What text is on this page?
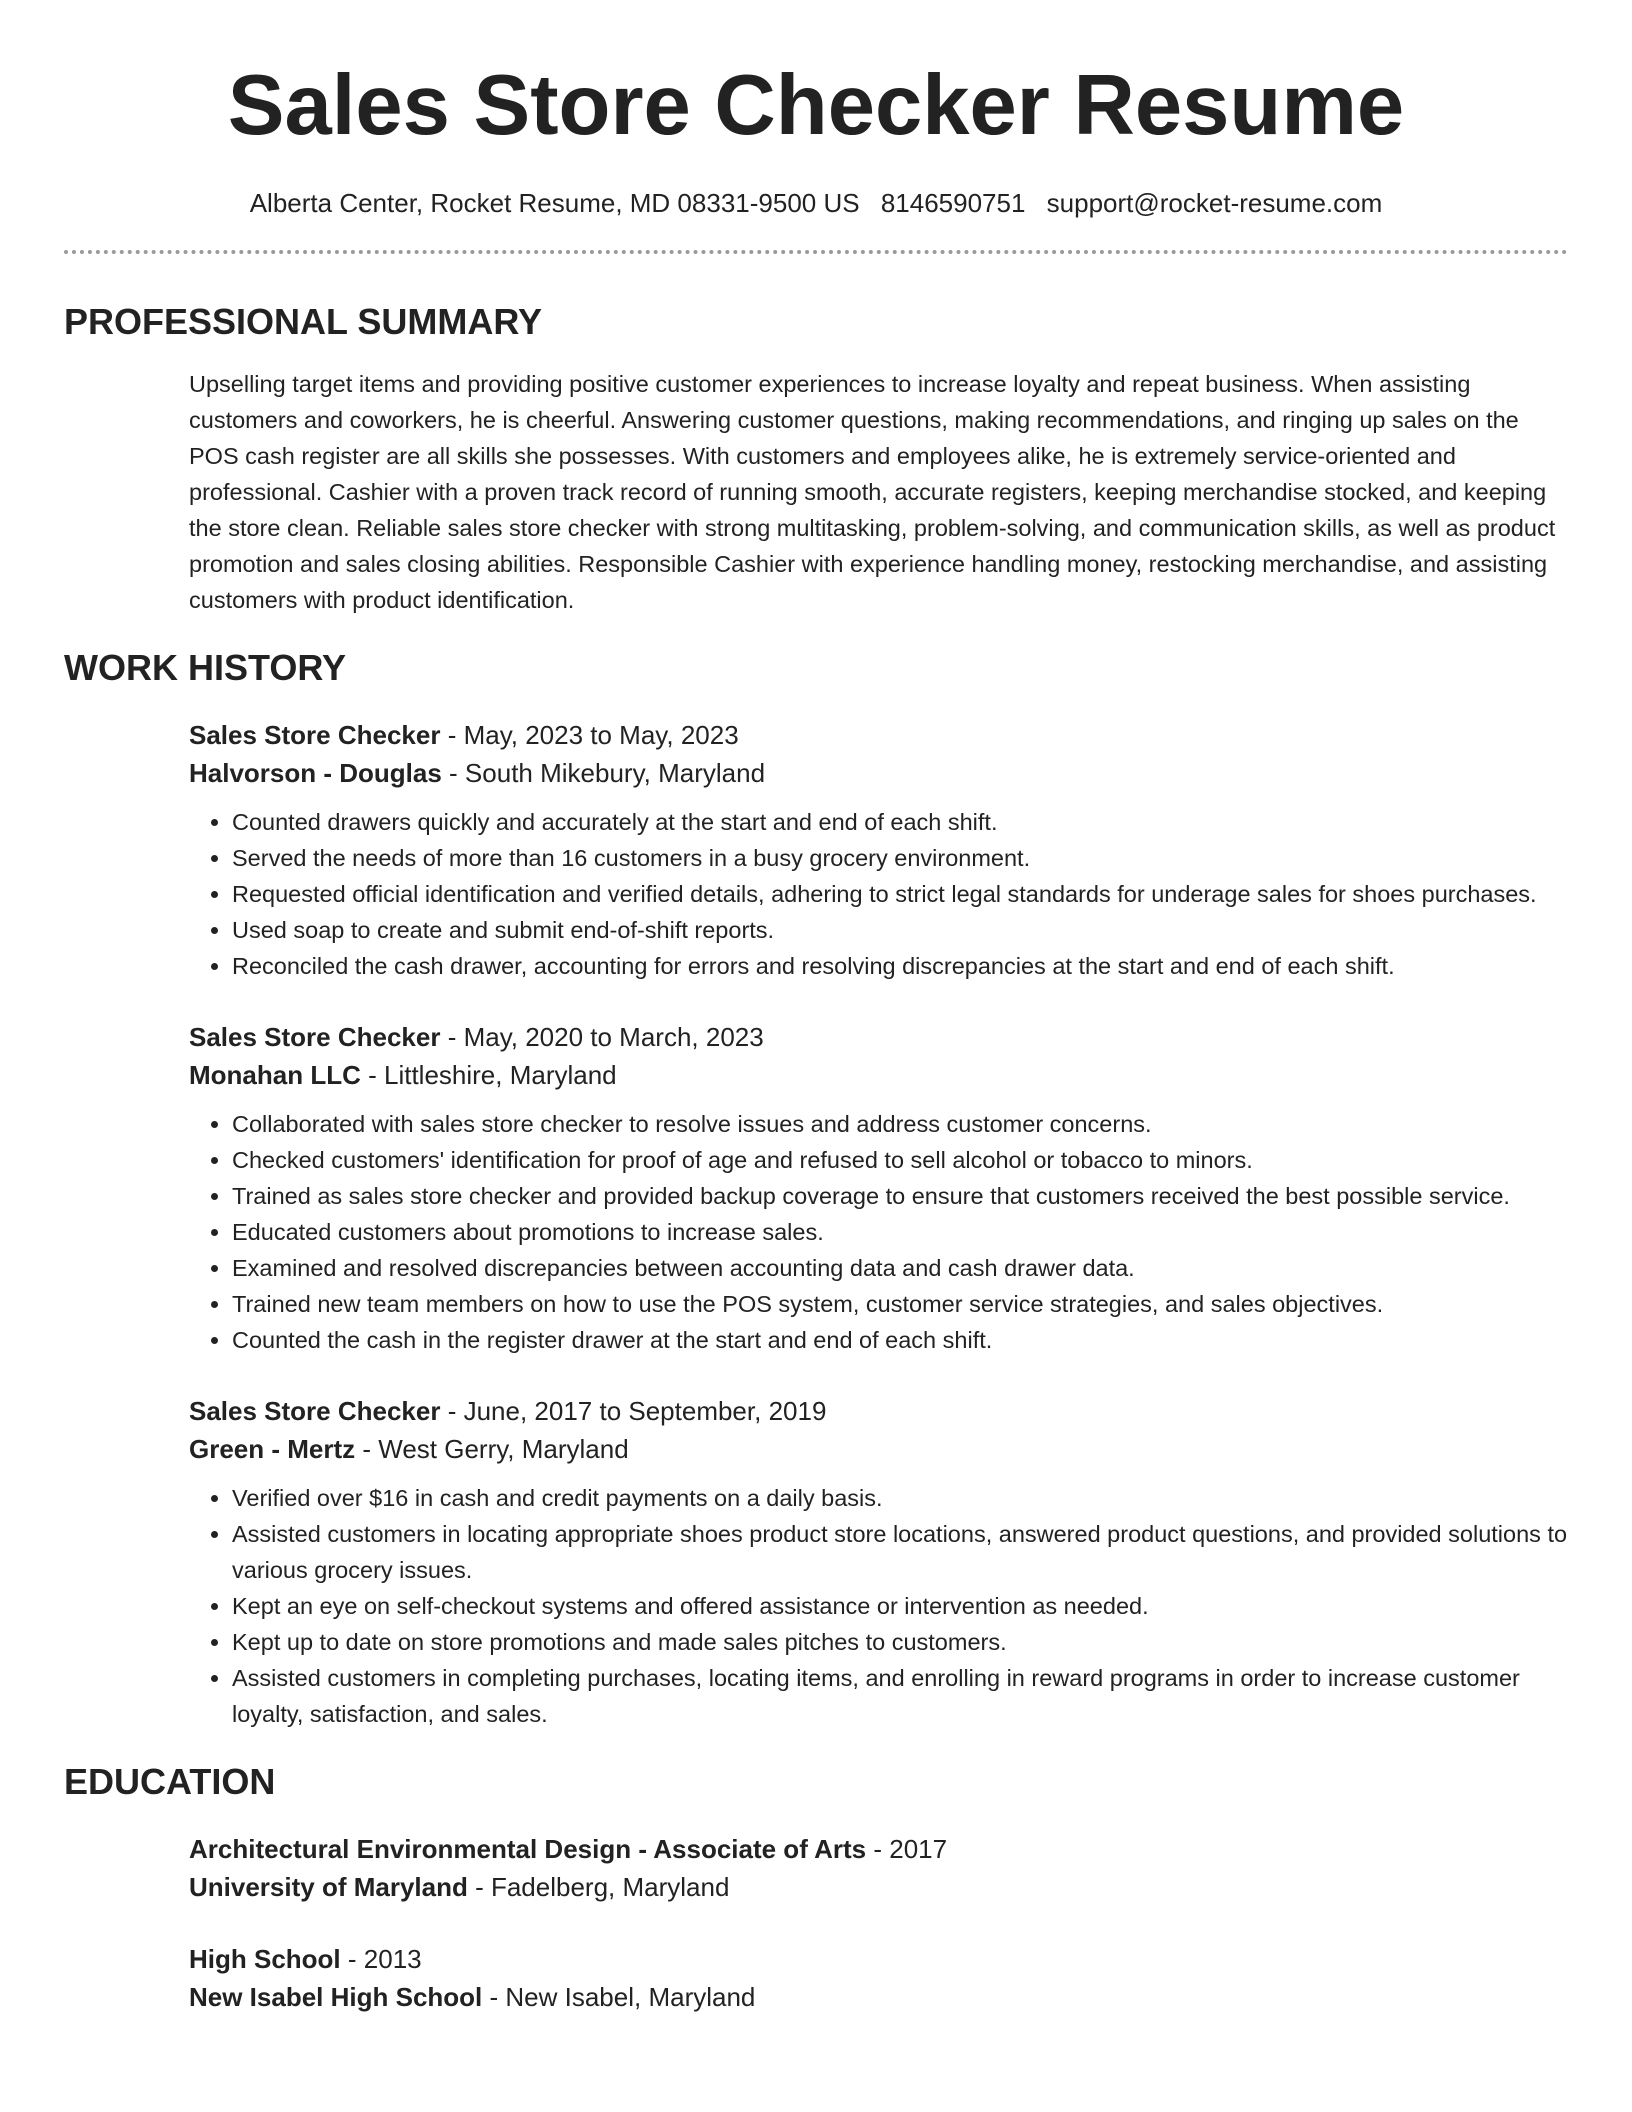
Sales Store Checker Resume
Alberta Center, Rocket Resume, MD 08331-9500 US 8146590751 support@rocket-resume.com
PROFESSIONAL SUMMARY

Upselling target items and providing positive customer experiences to increase loyalty and repeat business. When assisting customers and coworkers, he is cheerful. Answering customer questions, making recommendations, and ringing up sales on the POS cash register are all skills she possesses. With customers and employees alike, he is extremely service-oriented and professional. Cashier with a proven track record of running smooth, accurate registers, keeping merchandise stocked, and keeping the store clean. Reliable sales store checker with strong multitasking, problem-solving, and communication skills, as well as product promotion and sales closing abilities. Responsible Cashier with experience handling money, restocking merchandise, and assisting customers with product identification.

WORK HISTORY

Sales Store Checker - May, 2023 to May, 2023

Halvorson - Douglas - South Mikebury, Maryland

• Counted drawers quickly and accurately at the start and end of each shift.
• Served the needs of more than 16 customers in a busy grocery environment.
• Requested official identification and verified details, adhering to strict legal standards for underage sales for shoes purchases.
• Used soap to create and submit end-of-shift reports.
• Reconciled the cash drawer, accounting for errors and resolving discrepancies at the start and end of each shift.

Sales Store Checker - May, 2020 to March, 2023

Monahan LLC - Littleshire, Maryland

• Collaborated with sales store checker to resolve issues and address customer concerns.
• Checked customers' identification for proof of age and refused to sell alcohol or tobacco to minors.
• Trained as sales store checker and provided backup coverage to ensure that customers received the best possible service.
• Educated customers about promotions to increase sales.
• Examined and resolved discrepancies between accounting data and cash drawer data.
• Trained new team members on how to use the POS system, customer service strategies, and sales objectives.
• Counted the cash in the register drawer at the start and end of each shift.

Sales Store Checker - June, 2017 to September, 2019

Green - Mertz - West Gerry, Maryland

• Verified over $16 in cash and credit payments on a daily basis.
• Assisted customers in locating appropriate shoes product store locations, answered product questions, and provided solutions to various grocery issues.
• Kept an eye on self-checkout systems and offered assistance or intervention as needed.
• Kept up to date on store promotions and made sales pitches to customers.
• Assisted customers in completing purchases, locating items, and enrolling in reward programs in order to increase customer loyalty, satisfaction, and sales.
EDUCATION

Architectural Environmental Design - Associate of Arts - 2017

University of Maryland - Fadelberg, Maryland

High School - 2013

New Isabel High School - New Isabel, Maryland
